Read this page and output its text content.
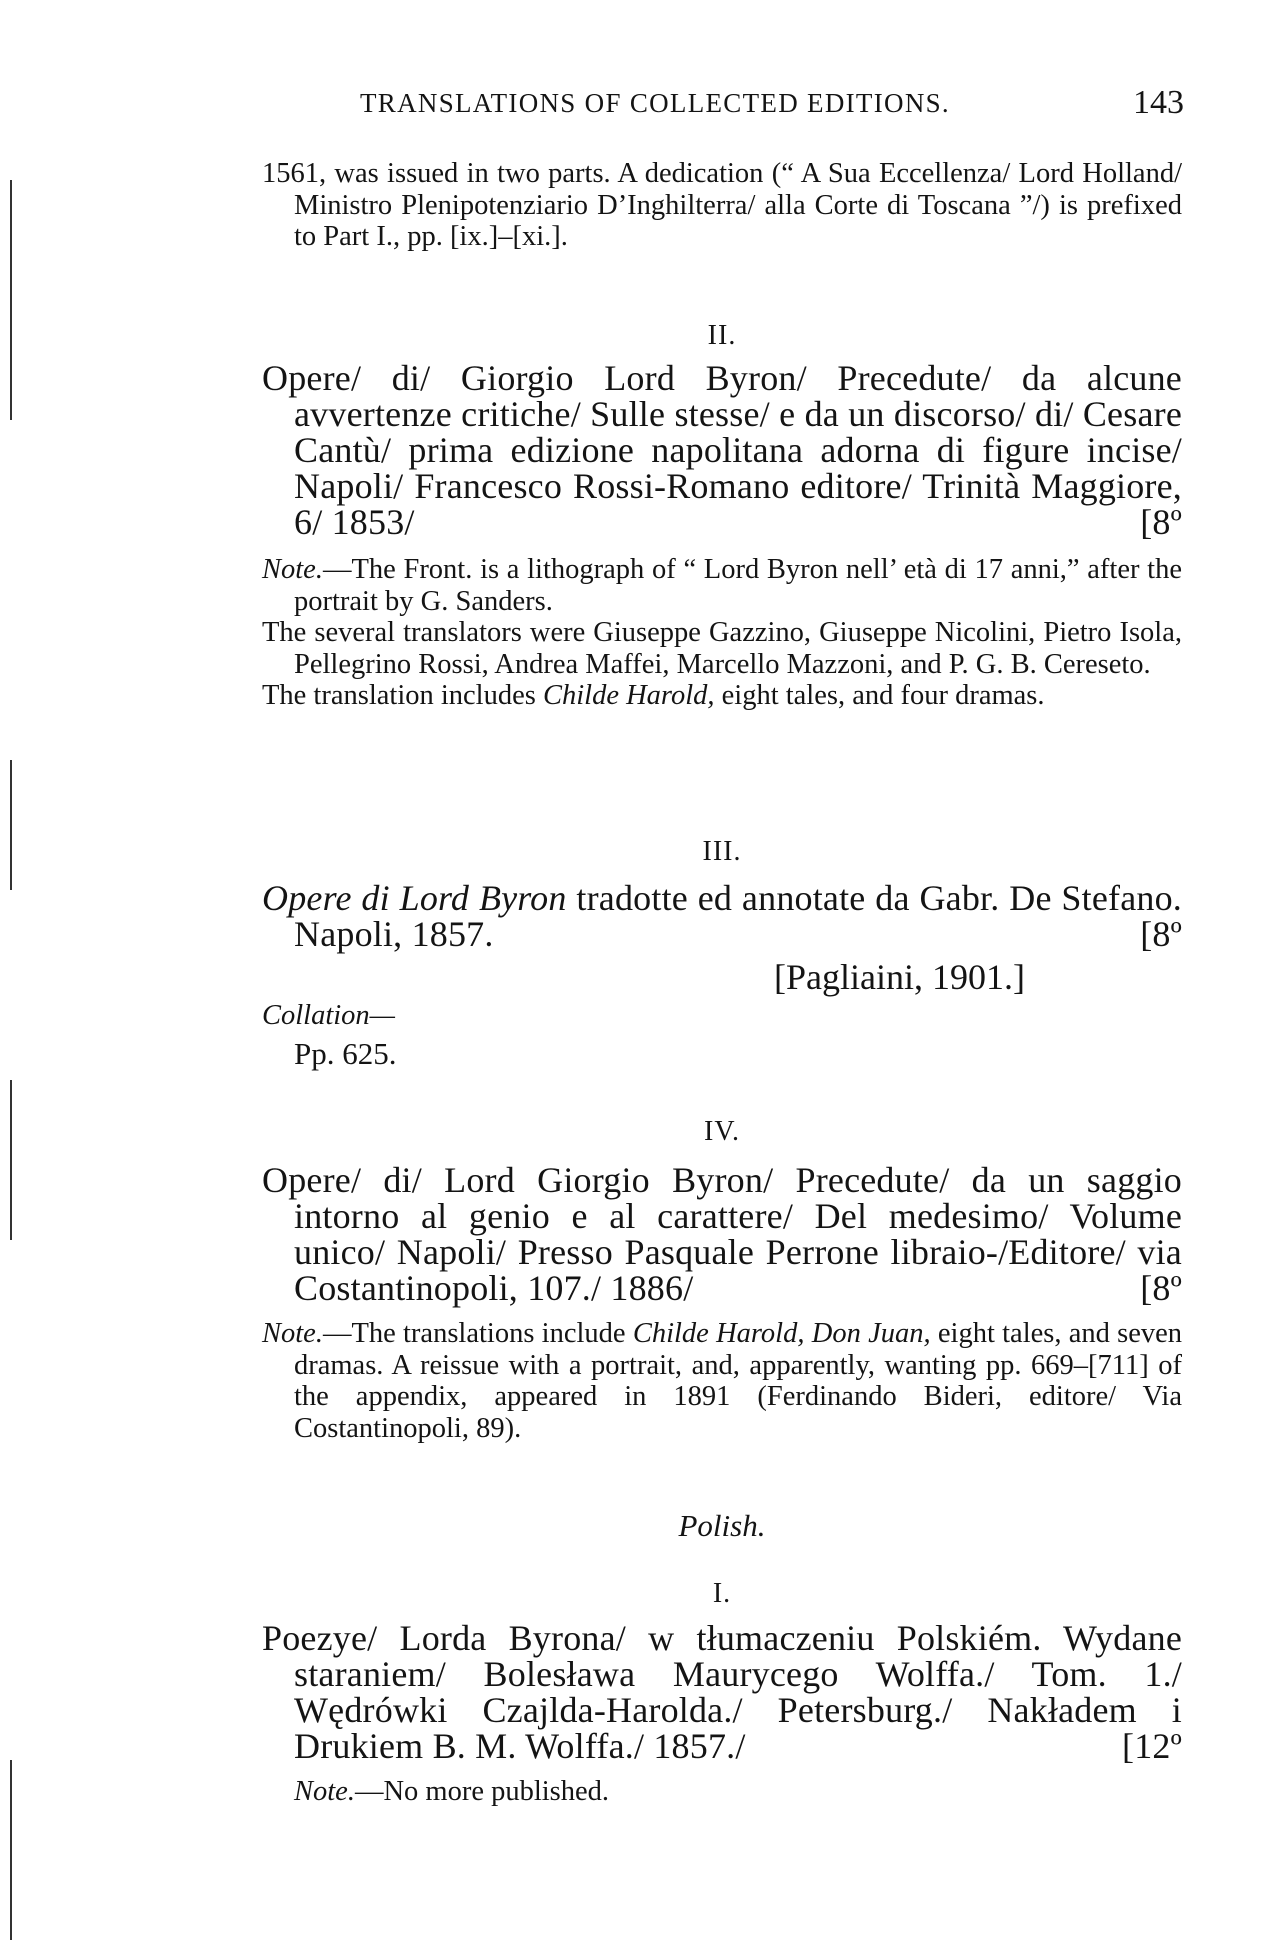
TRANSLATIONS OF COLLECTED EDITIONS.	143

1561, was issued in two parts. A dedication (“ A Sua Eccellenza/ Lord Holland/ Ministro Plenipotenziario D’Inghilterra/ alla Corte di Toscana ”/) is prefixed to Part I., pp. [ix.]–[xi.].

II.

Opere/ di/ Giorgio Lord Byron/ Precedute/ da alcune avvertenze critiche/ Sulle stesse/ e da un discorso/ di/ Cesare Cantù/ prima edizione napolitana adorna di figure incise/ Napoli/ Francesco Rossi-Romano editore/ Trinità Maggiore, 6/ 1853/	[8º

Note.—The Front. is a lithograph of “ Lord Byron nell’ età di 17 anni,” after the portrait by G. Sanders.

The several translators were Giuseppe Gazzino, Giuseppe Nicolini, Pietro Isola, Pellegrino Rossi, Andrea Maffei, Marcello Mazzoni, and P. G. B. Cereseto.

The translation includes Childe Harold, eight tales, and four dramas.

III.

Opere di Lord Byron tradotte ed annotate da Gabr. De Stefano. Napoli, 1857.	[8º

[Pagliaini, 1901.]
Collation—
Pp. 625.
IV.

Opere/ di/ Lord Giorgio Byron/ Precedute/ da un saggio intorno al genio e al carattere/ Del medesimo/ Volume unico/ Napoli/ Presso Pasquale Perrone libraio-/Editore/ via Costantinopoli, 107./ 1886/	[8º

Note.—The translations include Childe Harold, Don Juan, eight tales, and seven dramas. A reissue with a portrait, and, apparently, wanting pp. 669–[711] of the appendix, appeared in 1891 (Ferdinando Bideri, editore/ Via Costantinopoli, 89).

Polish.
I.

Poezye/ Lorda Byrona/ w tłumaczeniu Polskiém. Wydane staraniem/ Bolesława Maurycego Wolffa./ Tom. 1./ Wędrówki Czajlda-Harolda./ Petersburg./ Nakładem i Drukiem B. M. Wolffa./ 1857./	[12º

Note.—No more published.
